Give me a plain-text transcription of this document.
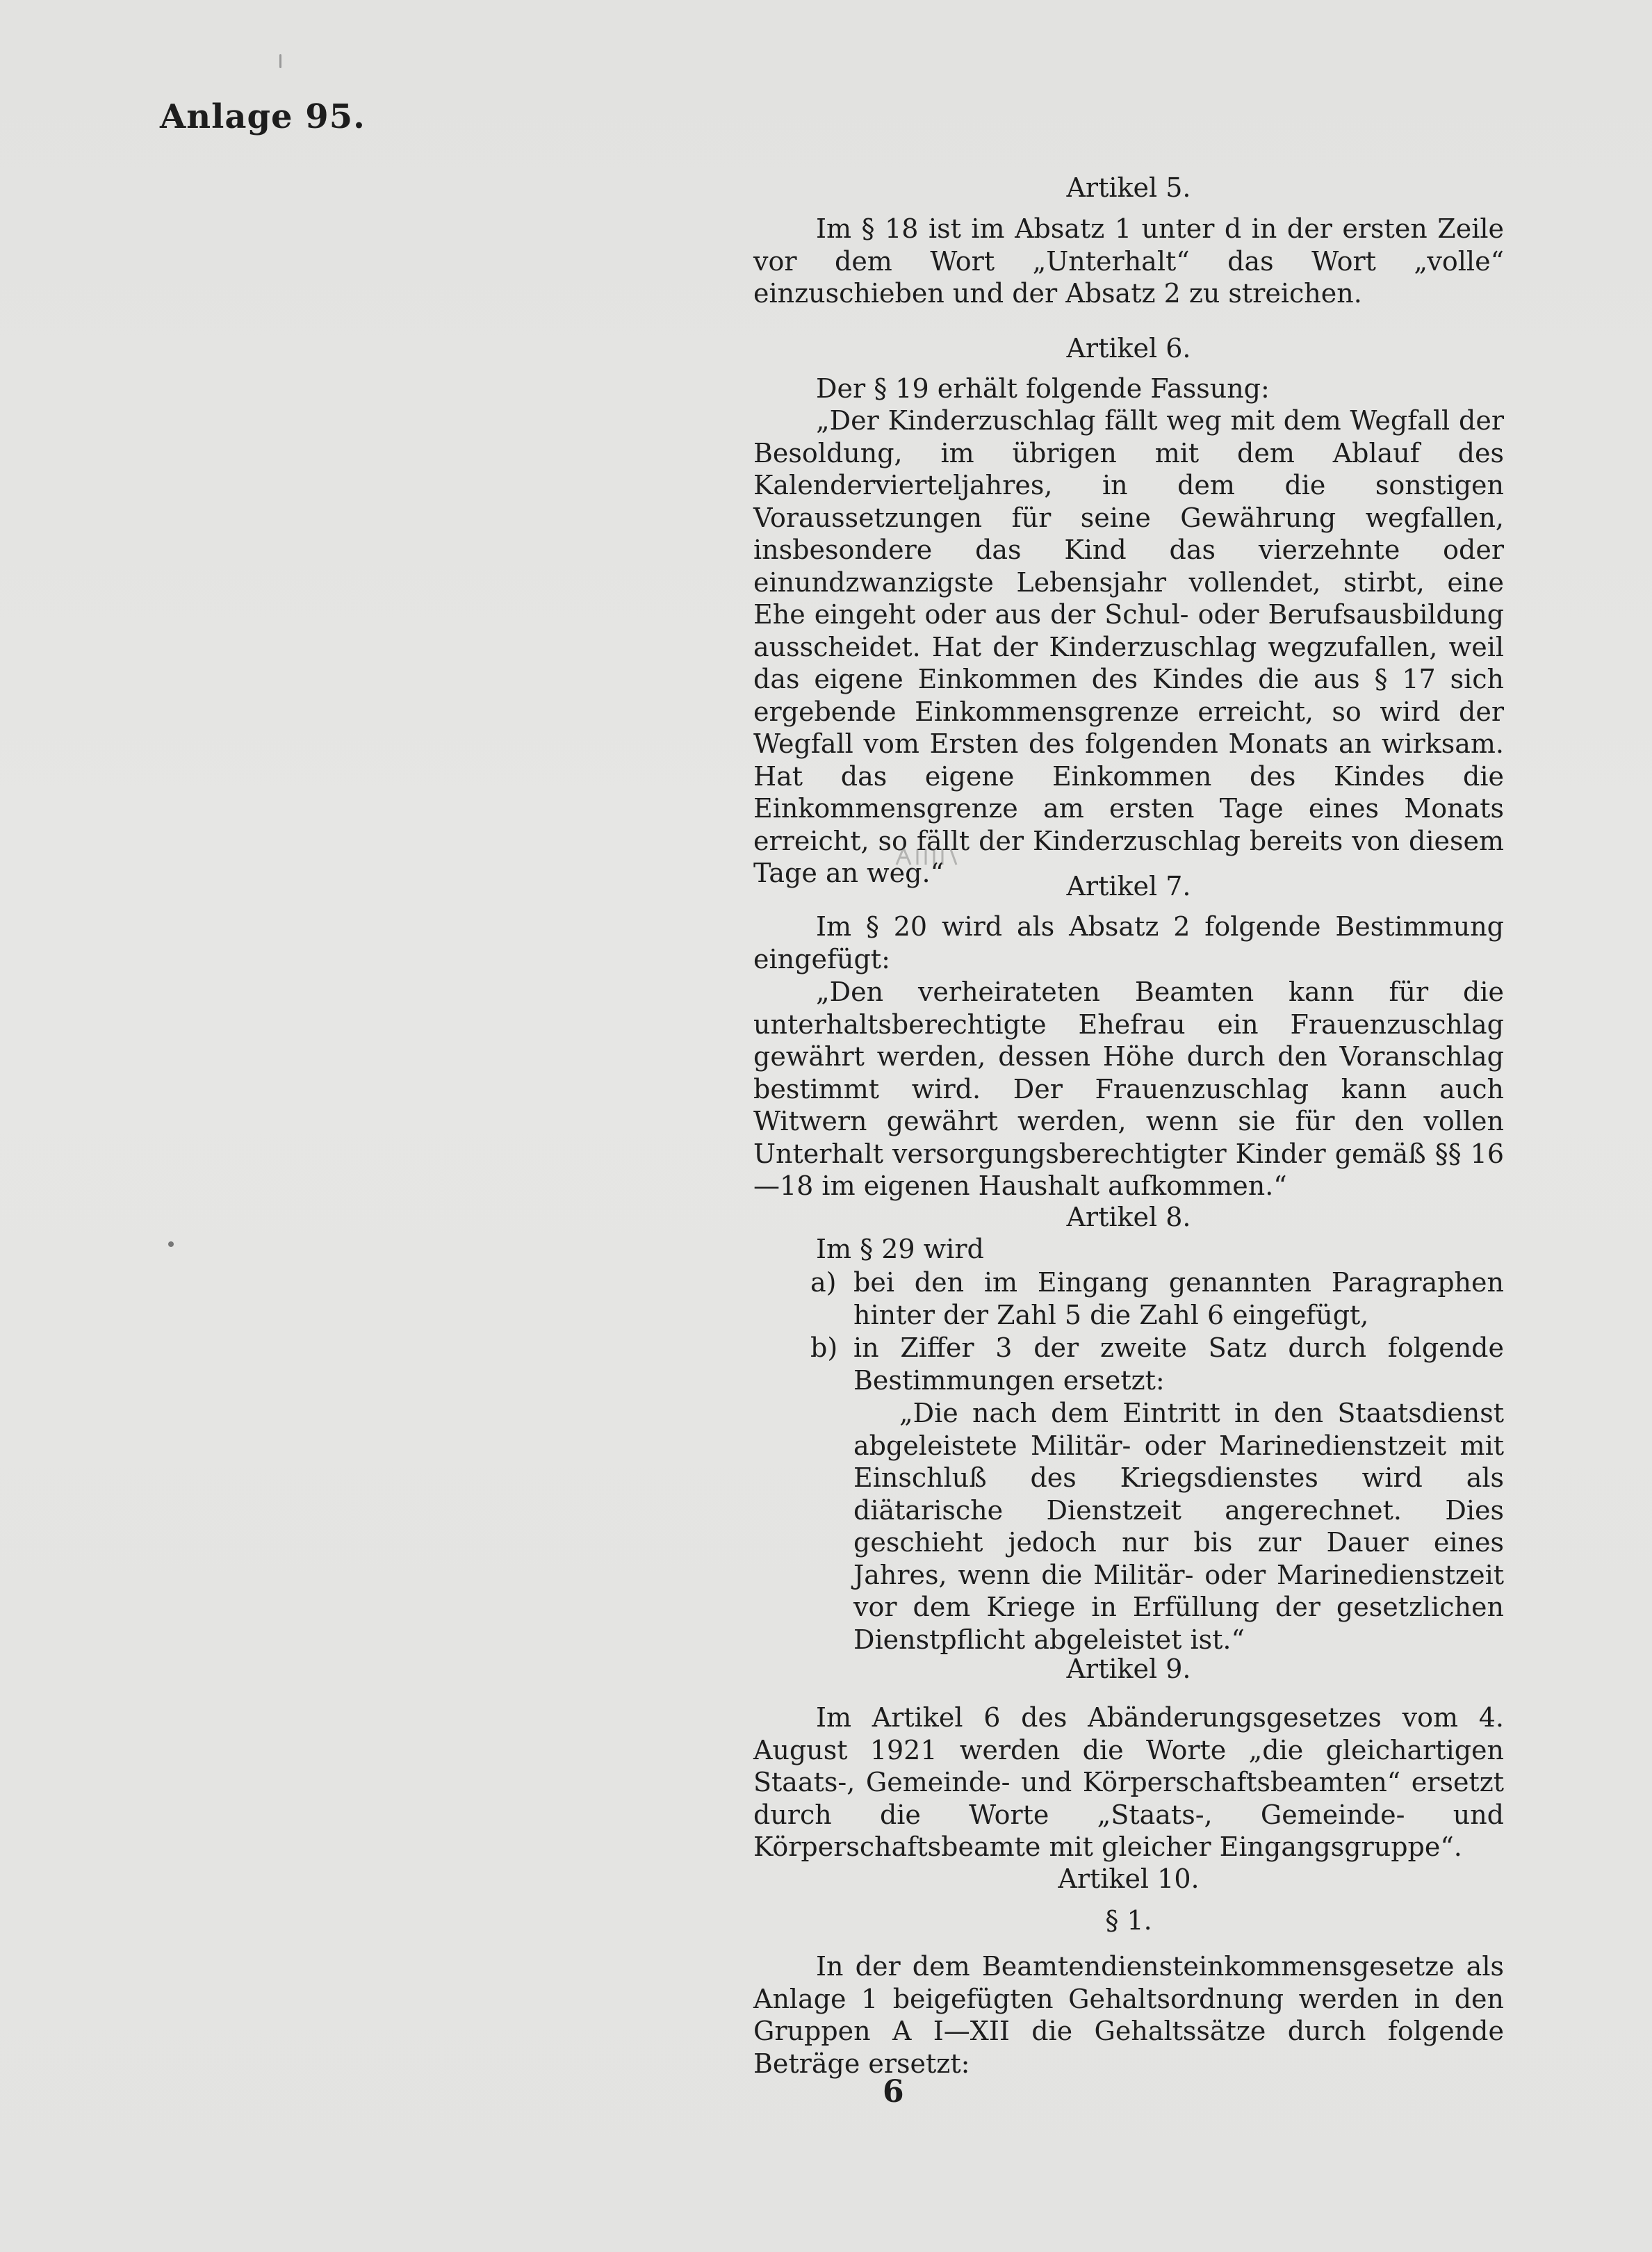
Anlage 95.
Artikel 5.
Im § 18 ist im Absatz 1 unter d in der ersten Zeile vor dem Wort „Unterhalt“ das Wort „volle“ einzuschieben und der Absatz 2 zu streichen.
Artikel 6.
Der § 19 erhält folgende Fassung:
„Der Kinderzuschlag fällt weg mit dem Wegfall der Besoldung, im übrigen mit dem Ablauf des Kalendervierteljahres, in dem die sonstigen Voraussetzungen für seine Gewährung wegfallen, insbesondere das Kind das vierzehnte oder einundzwanzigste Lebensjahr vollendet, stirbt, eine Ehe eingeht oder aus der Schul- oder Berufsausbildung ausscheidet. Hat der Kinderzuschlag wegzufallen, weil das eigene Einkommen des Kindes die aus § 17 sich ergebende Einkommensgrenze erreicht, so wird der Wegfall vom Ersten des folgenden Monats an wirksam. Hat das eigene Einkommen des Kindes die Einkommensgrenze am ersten Tage eines Monats erreicht, so fällt der Kinderzuschlag bereits von diesem Tage an weg.“	Artikel 7.
Im § 20 wird als Absatz 2 folgende Bestimmung eingefügt:
„Den verheirateten Beamten kann für die unterhaltsberechtigte Ehefrau ein Frauenzuschlag gewährt werden, dessen Höhe durch den Voranschlag bestimmt wird. Der Frauenzuschlag kann auch Witwern gewährt werden, wenn sie für den vollen Unterhalt versorgungsberechtigter Kinder gemäß §§ 16—18 im eigenen Haushalt aufkommen.“
Artikel 8.
Im § 29 wird
a) bei den im Eingang genannten Paragraphen hinter der Zahl 5 die Zahl 6 eingefügt,
b) in Ziffer 3 der zweite Satz durch folgende Bestimmungen ersetzt:
„Die nach dem Eintritt in den Staatsdienst abgeleistete Militär- oder Marinedienstzeit mit Einschluß des Kriegsdienstes wird als diätarische Dienstzeit angerechnet. Dies geschieht jedoch nur bis zur Dauer eines Jahres, wenn die Militär- oder Marinedienstzeit vor dem Kriege in Erfüllung der gesetzlichen Dienstpflicht abgeleistet ist.“
Artikel 9.
Im Artikel 6 des Abänderungsgesetzes vom 4. August 1921 werden die Worte „die gleichartigen Staats-, Gemeinde- und Körperschaftsbeamten“ ersetzt durch die Worte „Staats-, Gemeinde- und Körperschaftsbeamte mit gleicher Eingangsgruppe“.
Artikel 10.
§ 1.
In der dem Beamtendiensteinkommensgesetze als Anlage 1 beigefügten Gehaltsordnung werden in den Gruppen A I—XII die Gehaltssätze durch folgende Beträge ersetzt:
6
